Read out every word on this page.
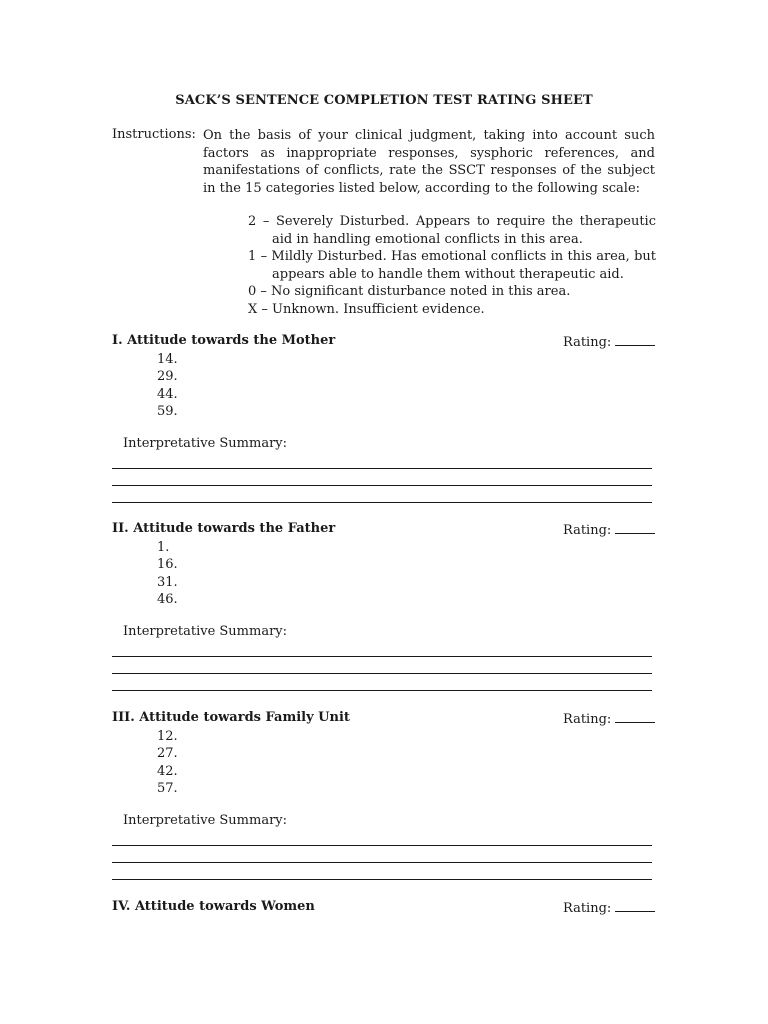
SACK’S SENTENCE COMPLETION TEST RATING SHEET
Instructions: On the basis of your clinical judgment, taking into account such factors as inappropriate responses, sysphoric references, and manifestations of conflicts, rate the SSCT responses of the subject in the 15 categories listed below, according to the following scale:
2 – Severely Disturbed. Appears to require the therapeutic aid in handling emotional conflicts in this area.
1 – Mildly Disturbed. Has emotional conflicts in this area, but appears able to handle them without therapeutic aid.
0 – No significant disturbance noted in this area.
X – Unknown. Insufficient evidence.
I. Attitude towards the Mother	Rating:
14.
29.
44.
59.
Interpretative Summary:
II. Attitude towards the Father	Rating:
1.
16.
31.
46.
Interpretative Summary:
III. Attitude towards Family Unit	Rating:
12.
27.
42.
57.
Interpretative Summary:
IV. Attitude towards Women	Rating:
